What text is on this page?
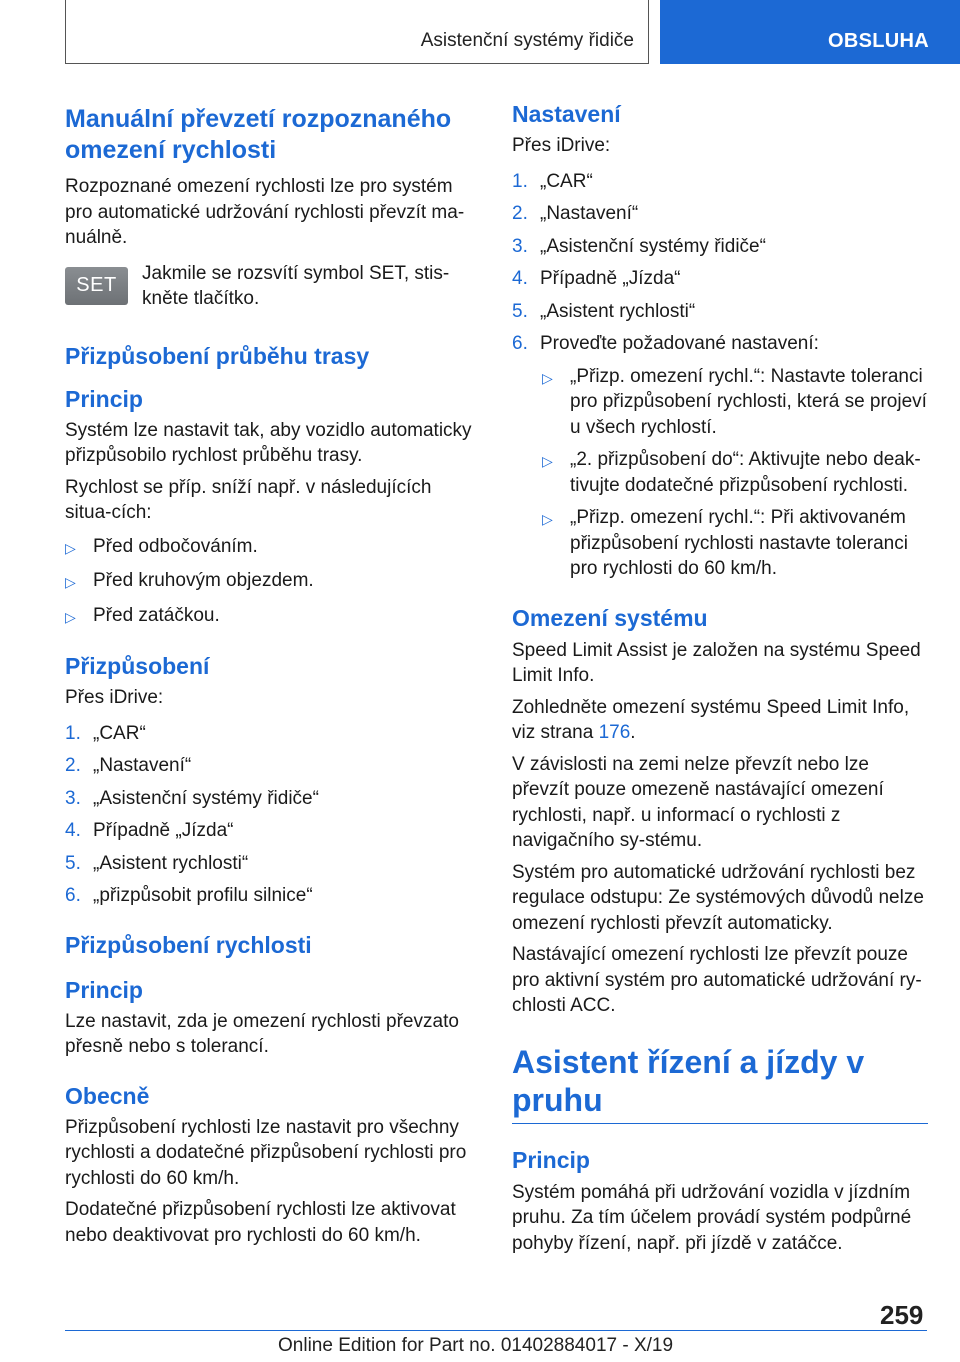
Asistenční systémy řidiče	OBSLUHA
Manuální převzetí rozpoznaného omezení rychlosti

Rozpoznané omezení rychlosti lze pro systém pro automatické udržování rychlosti převzít ma-nuálně.

SET
Jakmile se rozsvítí symbol SET, stis-kněte tlačítko.
Přizpůsobení průběhu trasy
Princip

Systém lze nastavit tak, aby vozidlo automaticky přizpůsobilo rychlost průběhu trasy.

Rychlost se příp. sníží např. v následujících situa-cích:

▷ Před odbočováním.
▷ Před kruhovým objezdem.
▷ Před zatáčkou.
Přizpůsobení

Přes iDrive:

1. „CAR“
2. „Nastavení“
3. „Asistenční systémy řidiče“
4. Případně „Jízda“
5. „Asistent rychlosti“
6. „přizpůsobit profilu silnice“
Přizpůsobení rychlosti
Princip

Lze nastavit, zda je omezení rychlosti převzato přesně nebo s tolerancí.

Obecně

Přizpůsobení rychlosti lze nastavit pro všechny rychlosti a dodatečné přizpůsobení rychlosti pro rychlosti do 60 km/h.

Dodatečné přizpůsobení rychlosti lze aktivovat nebo deaktivovat pro rychlosti do 60 km/h.

Nastavení

Přes iDrive:

1. „CAR“
2. „Nastavení“
3. „Asistenční systémy řidiče“
4. Případně „Jízda“
5. „Asistent rychlosti“
6. Proveďte požadované nastavení:
▷ „Přizp. omezení rychl.“: Nastavte toleranci pro přizpůsobení rychlosti, která se projeví u všech rychlostí.
▷ „2. přizpůsobení do“: Aktivujte nebo deak-tivujte dodatečné přizpůsobení rychlosti.
▷ „Přizp. omezení rychl.“: Při aktivovaném přizpůsobení rychlosti nastavte toleranci pro rychlosti do 60 km/h.
Omezení systému

Speed Limit Assist je založen na systému Speed Limit Info.

Zohledněte omezení systému Speed Limit Info, viz strana 176.

V závislosti na zemi nelze převzít nebo lze převzít pouze omezeně nastávající omezení rychlosti, např. u informací o rychlosti z navigačního sy-stému.

Systém pro automatické udržování rychlosti bez regulace odstupu: Ze systémových důvodů nelze omezení rychlosti převzít automaticky.

Nastávající omezení rychlosti lze převzít pouze pro aktivní systém pro automatické udržování ry-chlosti ACC.

Asistent řízení a jízdy v pruhu
Princip

Systém pomáhá při udržování vozidla v jízdním pruhu. Za tím účelem provádí systém podpůrné pohyby řízení, např. při jízdě v zatáčce.

259
Online Edition for Part no. 01402884017 - X/19
